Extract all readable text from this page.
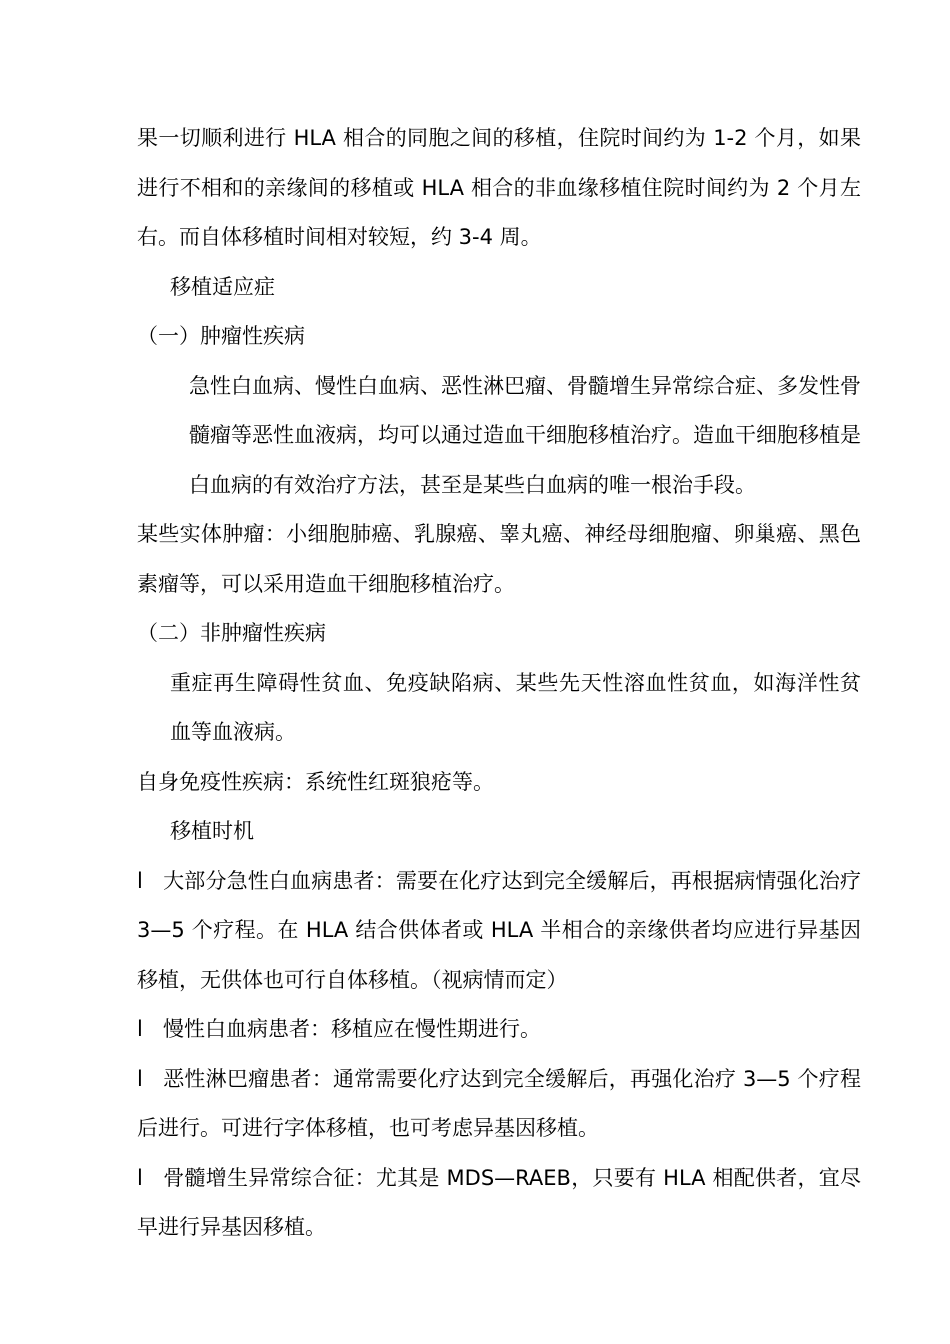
果一切顺利进行 HLA 相合的同胞之间的移植，住院时间约为 1-2 个月，如果进行不相和的亲缘间的移植或 HLA 相合的非血缘移植住院时间约为 2 个月左右。而自体移植时间相对较短，约 3-4 周。

移植适应症

（一）肿瘤性疾病

急性白血病、慢性白血病、恶性淋巴瘤、骨髓增生异常综合症、多发性骨髓瘤等恶性血液病，均可以通过造血干细胞移植治疗。造血干细胞移植是白血病的有效治疗方法，甚至是某些白血病的唯一根治手段。

某些实体肿瘤：小细胞肺癌、乳腺癌、睾丸癌、神经母细胞瘤、卵巢癌、黑色素瘤等，可以采用造血干细胞移植治疗。

（二）非肿瘤性疾病

重症再生障碍性贫血、免疫缺陷病、某些先天性溶血性贫血，如海洋性贫血等血液病。

自身免疫性疾病：系统性红斑狼疮等。

移植时机

l 大部分急性白血病患者：需要在化疗达到完全缓解后，再根据病情强化治疗 3—5 个疗程。在 HLA 结合供体者或 HLA 半相合的亲缘供者均应进行异基因移植，无供体也可行自体移植。（视病情而定）

l 慢性白血病患者：移植应在慢性期进行。

l 恶性淋巴瘤患者：通常需要化疗达到完全缓解后，再强化治疗 3—5 个疗程后进行。可进行字体移植，也可考虑异基因移植。

l 骨髓增生异常综合征：尤其是 MDS—RAEB，只要有 HLA 相配供者，宜尽早进行异基因移植。
